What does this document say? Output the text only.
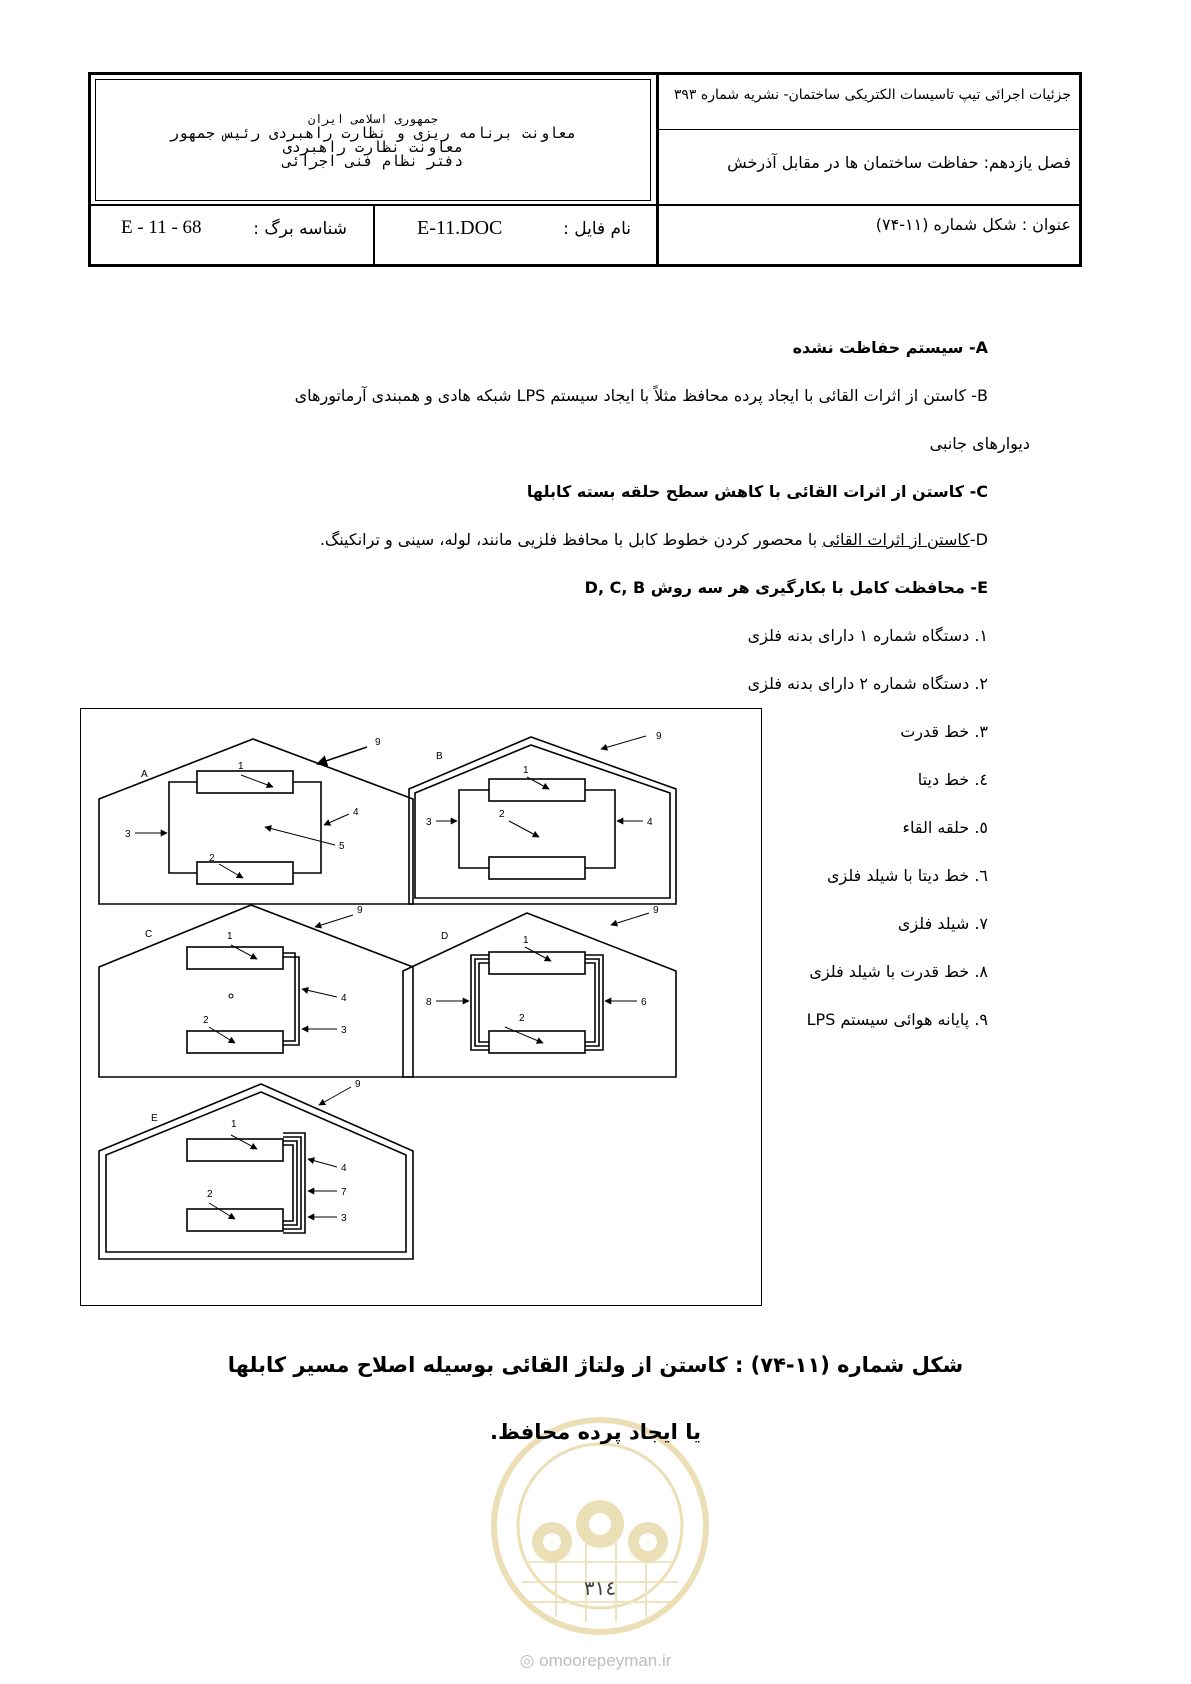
جمهوری اسلامی ایران
معاونت برنامه ریزی و نظارت راهبردی رئیس جمهور
معاونت نظارت راهبردی
دفتر نظام فنی اجرائی
جزئیات اجرائی تیپ تاسیسات الکتریکی ساختمان- نشریه شماره ۳۹۳
فصل یازدهم: حفاظت ساختمان ها در مقابل آذرخش
عنوان : شکل شماره (۱۱-۷۴)
نام فایل :
E-11.DOC
شناسه برگ :
E - 11 - 68
A- سیستم حفاظت نشده
B- کاستن از اثرات القائی با ایجاد پرده محافظ مثلاً با ایجاد سیستم LPS شبکه هادی و همبندی آرماتورهای
دیوارهای جانبی
C- کاستن از اثرات القائی با کاهش سطح حلقه بسته کابلها
D-کاستن از اثرات القائی با محصور کردن خطوط کابل با محافظ فلزیی مانند، لوله، سینی و ترانکینگ.
E- محافظت کامل با بکارگیری هر سه روش D, C, B
۱. دستگاه شماره ۱ دارای بدنه فلزی
۲. دستگاه شماره ۲ دارای بدنه فلزی
۳. خط قدرت
٤. خط دیتا
٥. حلقه القاء
٦. خط دیتا با شیلد فلزی
۷. شیلد فلزی
۸. خط قدرت با شیلد فلزی
۹. پایانه هوائی سیستم LPS
A
9
1
2
3
4
5
B
9
1
2
3	4
C
9
1
2
4
3
D
9
1
2
8	6
E
9
1
2
4
7
3
شکل شماره (۱۱-۷۴) : کاستن از ولتاژ القائی بوسیله اصلاح مسیر کابلها
یا ایجاد پرده محافظ.
۳۱٤
◎ omoorepeyman.ir
